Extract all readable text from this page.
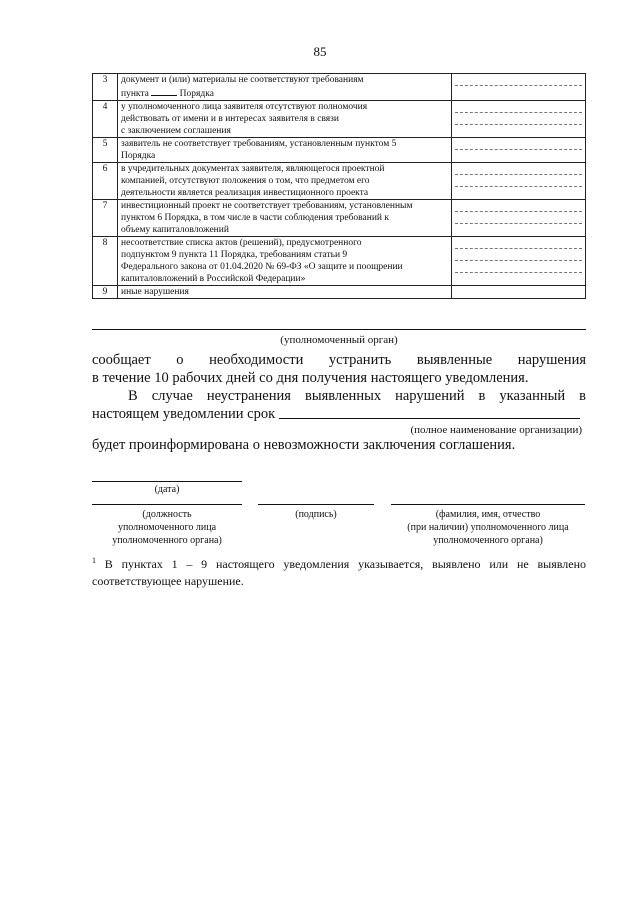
85
3	документ и (или) материалы не соответствуют требованиям
пункта Порядка	

4	у уполномоченного лица заявителя отсутствуют полномочия
действовать от имени и в интересах заявителя в связи
с заключением соглашения	

5	заявитель не соответствует требованиям, установленным пунктом 5
Порядка	

6	в учредительных документах заявителя, являющегося проектной
компанией, отсутствуют положения о том, что предметом его
деятельности является реализация инвестиционного проекта	

7	инвестиционный проект не соответствует требованиям, установленным
пунктом 6 Порядка, в том числе в части соблюдения требований к
объему капиталовложений	

8	несоответствие списка актов (решений), предусмотренного
подпунктом 9 пункта 11 Порядка, требованиям статьи 9
Федерального закона от 01.04.2020 № 69-ФЗ «О защите и поощрении
капиталовложений в Российской Федерации»	

9	иные нарушения	

(уполномоченный орган)
сообщает о необходимости устранить выявленные нарушения
в течение 10 рабочих дней со дня получения настоящего уведомления.
В случае неустранения выявленных нарушений в указанный в
настоящем уведомлении срок
(полное наименование организации)
будет проинформирована о невозможности заключения соглашения.
(дата)
(должность
уполномоченного лица
уполномоченного органа)
(подпись)	(фамилия, имя, отчество
(при наличии) уполномоченного лица
уполномоченного органа)
$^1$ В пунктах 1 – 9 настоящего уведомления указывается, выявлено или не выявлено
соответствующее нарушение.
